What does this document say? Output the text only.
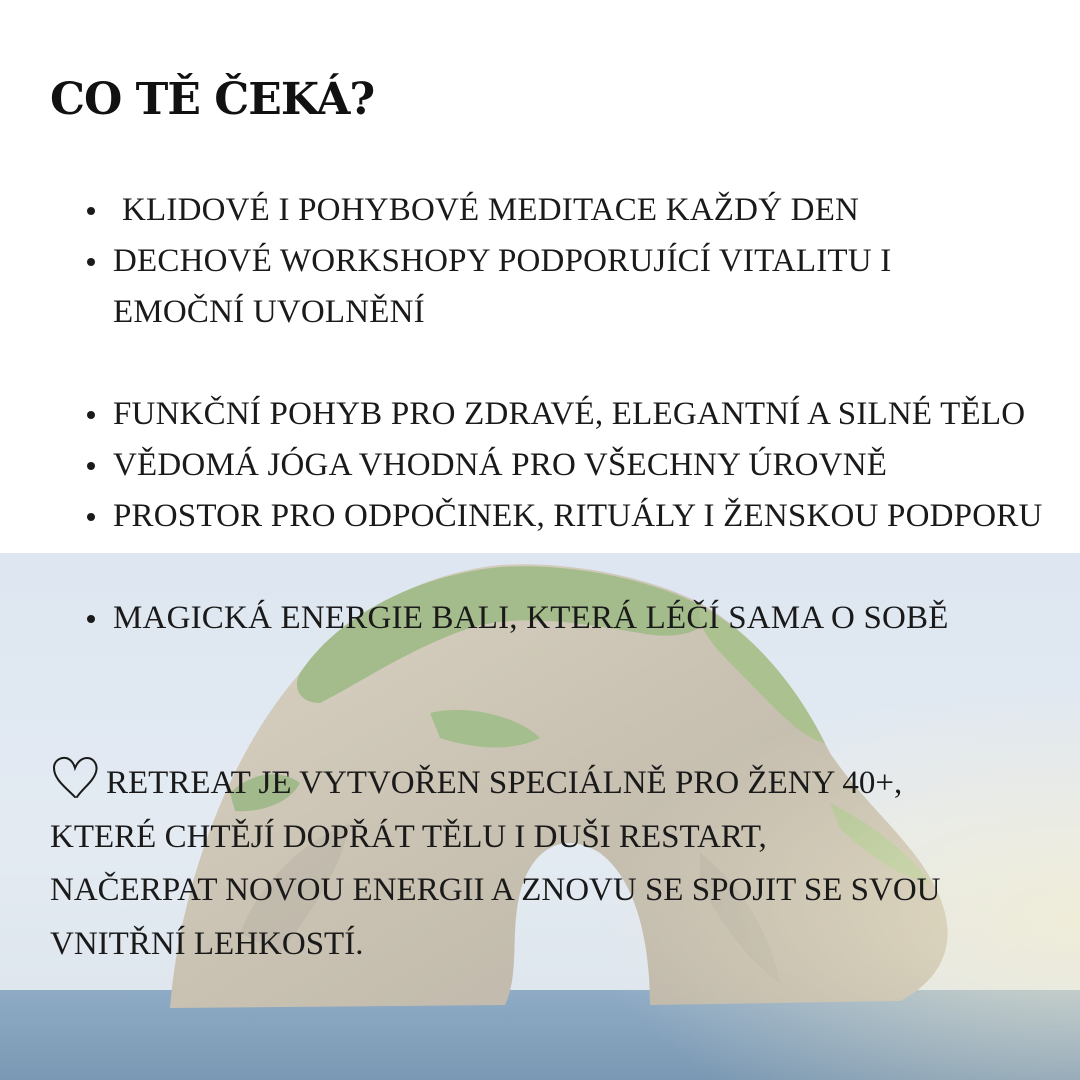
CO TĚ ČEKÁ?
KLIDOVÉ I POHYBOVÉ MEDITACE KAŽDÝ DEN
DECHOVÉ WORKSHOPY PODPORUJÍCÍ VITALITU I EMOČNÍ UVOLNĚNÍ
FUNKČNÍ POHYB PRO ZDRAVÉ, ELEGANTNÍ A SILNÉ TĚLO
VĚDOMÁ JÓGA VHODNÁ PRO VŠECHNY ÚROVNĚ
PROSTOR PRO ODPOČINEK, RITUÁLY I ŽENSKOU PODPORU
MAGICKÁ ENERGIE BALI, KTERÁ LÉČÍ SAMA O SOBĚ
RETREAT JE VYTVOŘEN SPECIÁLNĚ PRO ŽENY 40+,
KTERÉ CHTĚJÍ DOPŘÁT TĚLU I DUŠI RESTART,
NAČERPAT NOVOU ENERGII A ZNOVU SE SPOJIT SE SVOU
VNITŘNÍ LEHKOSTÍ.
